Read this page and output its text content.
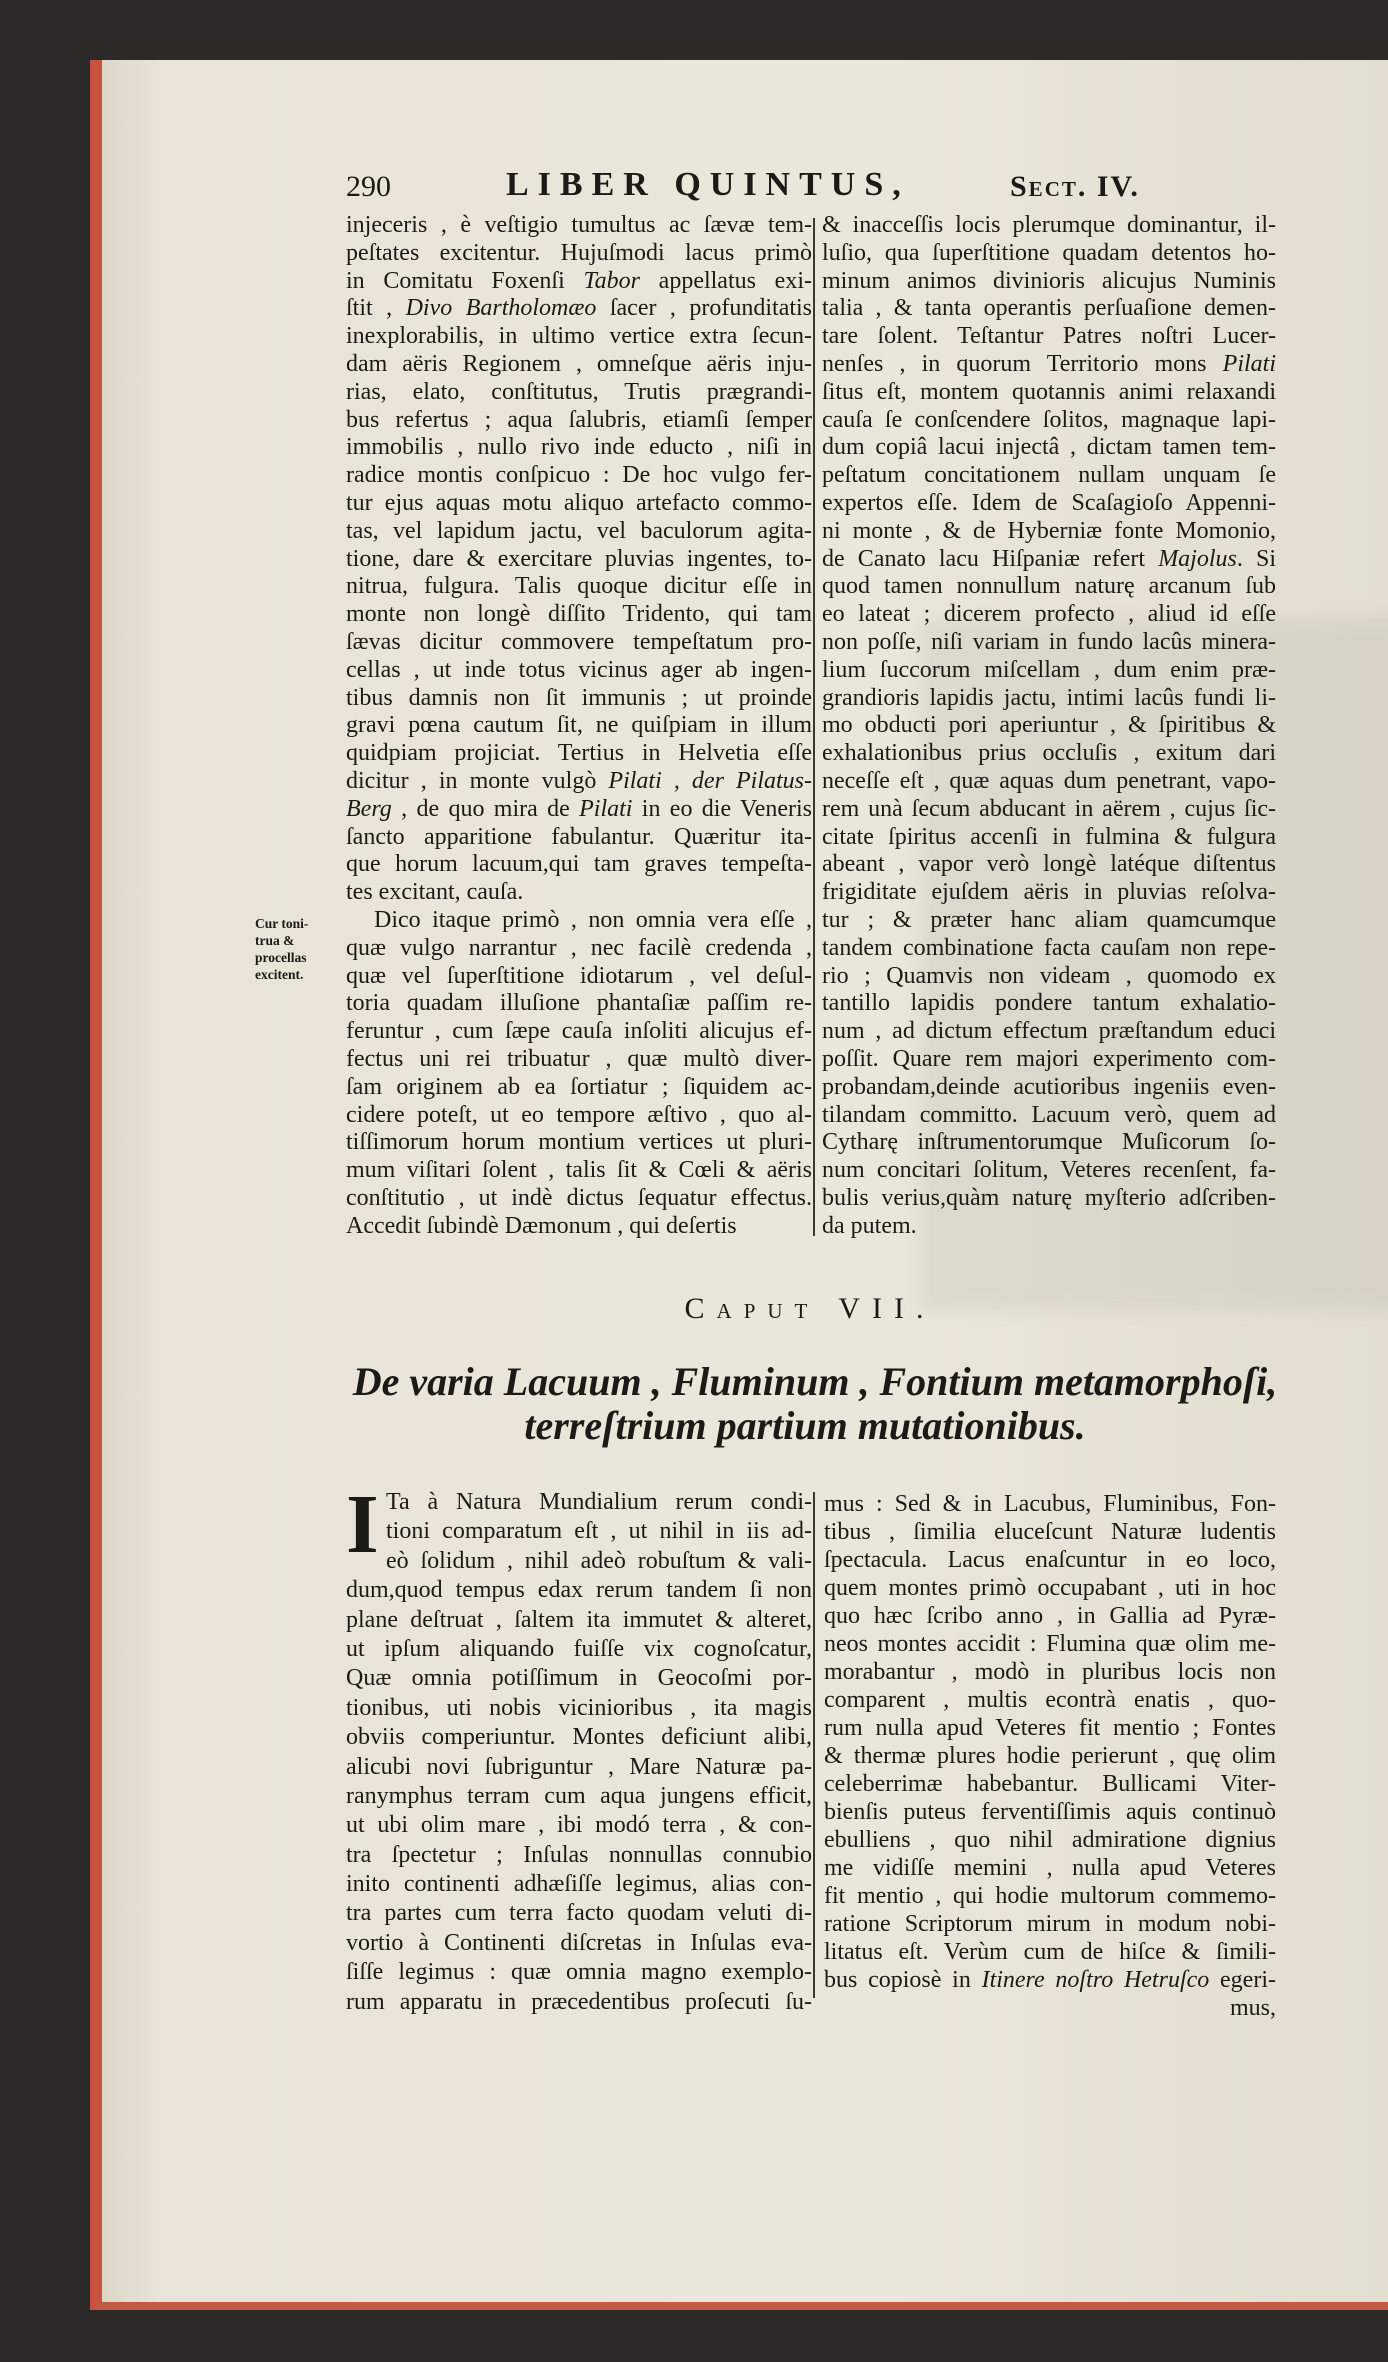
290	LIBER QUINTUS,	Sect. IV.
Cur toni-
trua &
procellas
excitent.
injeceris , è veſtigio tumultus ac ſævæ tem-
peſtates excitentur. Hujuſmodi lacus primò
in Comitatu Foxenſi Tabor appellatus exi-
ſtit , Divo Bartholomæo ſacer , profunditatis
inexplorabilis, in ultimo vertice extra ſecun-
dam aëris Regionem , omneſque aëris inju-
rias, elato, conſtitutus, Trutis prægrandi-
bus refertus ; aqua ſalubris, etiamſi ſemper
immobilis , nullo rivo inde educto , niſi in
radice montis conſpicuo : De hoc vulgo fer-
tur ejus aquas motu aliquo artefacto commo-
tas, vel lapidum jactu, vel baculorum agita-
tione, dare & exercitare pluvias ingentes, to-
nitrua, fulgura. Talis quoque dicitur eſſe in
monte non longè diſſito Tridento, qui tam
ſævas dicitur commovere tempeſtatum pro-
cellas , ut inde totus vicinus ager ab ingen-
tibus damnis non ſit immunis ; ut proinde
gravi pœna cautum ſit, ne quiſpiam in illum
quidpiam projiciat. Tertius in Helvetia eſſe
dicitur , in monte vulgò Pilati , der Pilatus-
Berg , de quo mira de Pilati in eo die Veneris
ſancto apparitione fabulantur. Quæritur ita-
que horum lacuum,qui tam graves tempeſta-
tes excitant, cauſa.
Dico itaque primò , non omnia vera eſſe ,
quæ vulgo narrantur , nec facilè credenda ,
quæ vel ſuperſtitione idiotarum , vel deſul-
toria quadam illuſione phantaſiæ paſſim re-
feruntur , cum ſæpe cauſa inſoliti alicujus ef-
fectus uni rei tribuatur , quæ multò diver-
ſam originem ab ea ſortiatur ; ſiquidem ac-
cidere poteſt, ut eo tempore æſtivo , quo al-
tiſſimorum horum montium vertices ut pluri-
mum viſitari ſolent , talis ſit & Cœli & aëris
conſtitutio , ut indè dictus ſequatur effectus.
Accedit ſubindè Dæmonum , qui deſertis
& inacceſſis locis plerumque dominantur, il-
luſio, qua ſuperſtitione quadam detentos ho-
minum animos divinioris alicujus Numinis
talia , & tanta operantis perſuaſione demen-
tare ſolent. Teſtantur Patres noſtri Lucer-
nenſes , in quorum Territorio mons Pilati
ſitus eſt, montem quotannis animi relaxandi
cauſa ſe conſcendere ſolitos, magnaque lapi-
dum copiâ lacui injectâ , dictam tamen tem-
peſtatum concitationem nullam unquam ſe
expertos eſſe. Idem de Scaſagioſo Appenni-
ni monte , & de Hyberniæ fonte Momonio,
de Canato lacu Hiſpaniæ refert Majolus. Si
quod tamen nonnullum naturę arcanum ſub
eo lateat ; dicerem profecto , aliud id eſſe
non poſſe, niſi variam in fundo lacûs minera-
lium ſuccorum miſcellam , dum enim præ-
grandioris lapidis jactu, intimi lacûs fundi li-
mo obducti pori aperiuntur , & ſpiritibus &
exhalationibus prius occluſis , exitum dari
neceſſe eſt , quæ aquas dum penetrant, vapo-
rem unà ſecum abducant in aërem , cujus ſic-
citate ſpiritus accenſi in fulmina & fulgura
abeant , vapor verò longè latéque diſtentus
frigiditate ejuſdem aëris in pluvias reſolva-
tur ; & præter hanc aliam quamcumque
tandem combinatione facta cauſam non repe-
rio ; Quamvis non videam , quomodo ex
tantillo lapidis pondere tantum exhalatio-
num , ad dictum effectum præſtandum educi
poſſit. Quare rem majori experimento com-
probandam,deinde acutioribus ingeniis even-
tilandam committo. Lacuum verò, quem ad
Cytharę inſtrumentorumque Muſicorum ſo-
num concitari ſolitum, Veteres recenſent, fa-
bulis verius,quàm naturę myſterio adſcriben-
da putem.
Caput VII.
De varia Lacuum , Fluminum , Fontium metamorphoſi,
terreſtrium partium mutationibus.
I Ta à Natura Mundialium rerum condi-
tioni comparatum eſt , ut nihil in iis ad-
eò ſolidum , nihil adeò robuſtum & vali-
dum,quod tempus edax rerum tandem ſi non
plane deſtruat , ſaltem ita immutet & alteret,
ut ipſum aliquando fuiſſe vix cognoſcatur,
Quæ omnia potiſſimum in Geocoſmi por-
tionibus, uti nobis vicinioribus , ita magis
obviis comperiuntur. Montes deficiunt alibi,
alicubi novi ſubriguntur , Mare Naturæ pa-
ranymphus terram cum aqua jungens efficit,
ut ubi olim mare , ibi modó terra , & con-
tra ſpectetur ; Inſulas nonnullas connubio
inito continenti adhæſiſſe legimus, alias con-
tra partes cum terra facto quodam veluti di-
vortio à Continenti diſcretas in Inſulas eva-
ſiſſe legimus : quæ omnia magno exemplo-
rum apparatu in præcedentibus proſecuti ſu-
mus : Sed & in Lacubus, Fluminibus, Fon-
tibus , ſimilia eluceſcunt Naturæ ludentis
ſpectacula. Lacus enaſcuntur in eo loco,
quem montes primò occupabant , uti in hoc
quo hæc ſcribo anno , in Gallia ad Pyræ-
neos montes accidit : Flumina quæ olim me-
morabantur , modò in pluribus locis non
comparent , multis econtrà enatis , quo-
rum nulla apud Veteres fit mentio ; Fontes
& thermæ plures hodie perierunt , quę olim
celeberrimæ habebantur. Bullicami Viter-
bienſis puteus ferventiſſimis aquis continuò
ebulliens , quo nihil admiratione dignius
me vidiſſe memini , nulla apud Veteres
fit mentio , qui hodie multorum commemo-
ratione Scriptorum mirum in modum nobi-
litatus eſt. Verùm cum de hiſce & ſimili-
bus copiosè in Itinere noſtro Hetruſco egeri-
mus,
